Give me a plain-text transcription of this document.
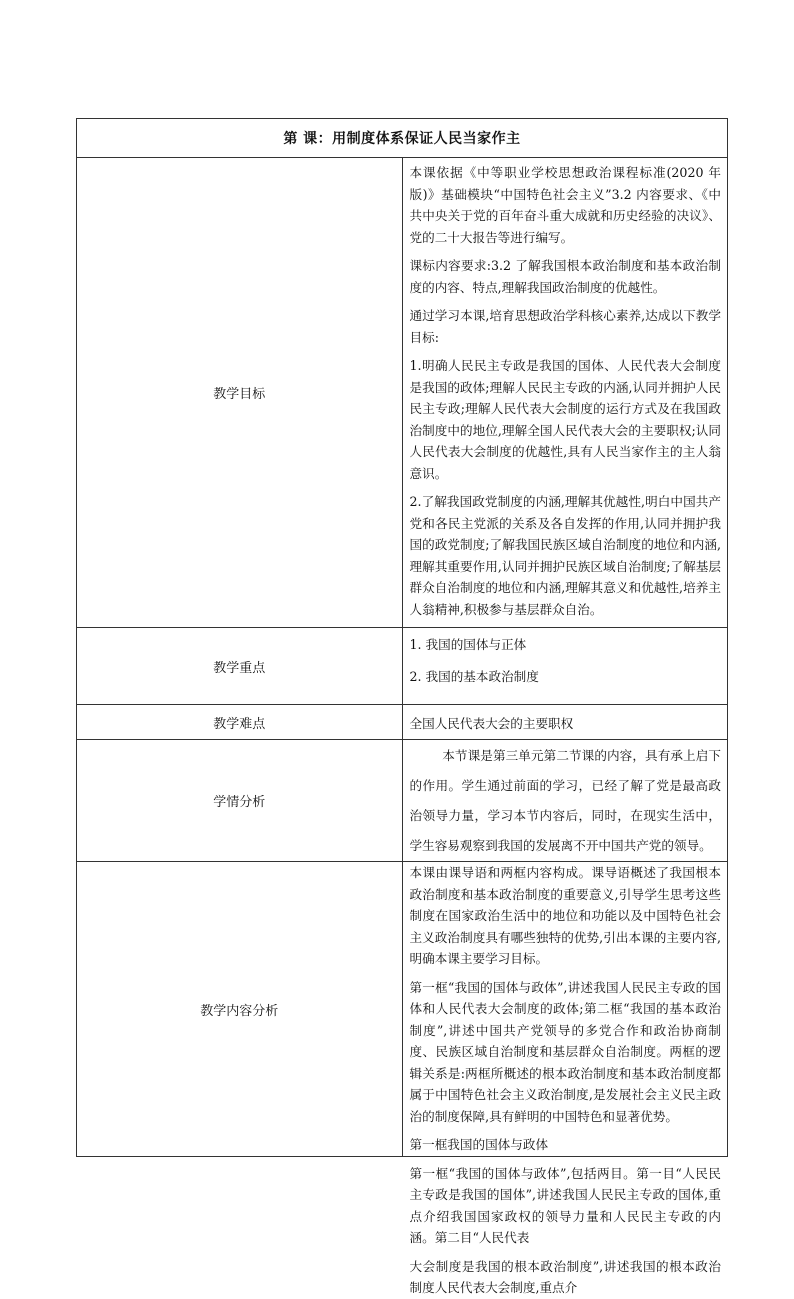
第 课：用制度体系保证人民当家作主	
教学目标	本课依据《中等职业学校思想政治课程标准(2020 年版)》基础模块“中国特色社会主义”3.2 内容要求、《中共中央关于党的百年奋斗重大成就和历史经验的决议》、党的二十大报告等进行编写。

课标内容要求:3.2 了解我国根本政治制度和基本政治制度的内容、特点,理解我国政治制度的优越性。

通过学习本课,培育思想政治学科核心素养,达成以下教学目标:

1.明确人民民主专政是我国的国体、人民代表大会制度是我国的政体;理解人民民主专政的内涵,认同并拥护人民民主专政;理解人民代表大会制度的运行方式及在我国政治制度中的地位,理解全国人民代表大会的主要职权;认同人民代表大会制度的优越性,具有人民当家作主的主人翁意识。

2.了解我国政党制度的内涵,理解其优越性,明白中国共产党和各民主党派的关系及各自发挥的作用,认同并拥护我国的政党制度;了解我国民族区域自治制度的地位和内涵,理解其重要作用,认同并拥护民族区域自治制度;了解基层群众自治制度的地位和内涵,理解其意义和优越性,培养主人翁精神,积极参与基层群众自治。

教学重点	1. 我国的国体与正体

2. 我国的基本政治制度

教学难点	全国人民代表大会的主要职权
学情分析	本节课是第三单元第二节课的内容，具有承上启下的作用。学生通过前面的学习，已经了解了党是最高政治领导力量，学习本节内容后，同时，在现实生活中，学生容易观察到我国的发展离不开中国共产党的领导。

教学内容分析	本课由课导语和两框内容构成。课导语概述了我国根本政治制度和基本政治制度的重要意义,引导学生思考这些制度在国家政治生活中的地位和功能以及中国特色社会主义政治制度具有哪些独特的优势,引出本课的主要内容,明确本课主要学习目标。

第一框“我国的国体与政体”,讲述我国人民民主专政的国体和人民代表大会制度的政体;第二框“我国的基本政治制度”,讲述中国共产党领导的多党合作和政治协商制度、民族区域自治制度和基层群众自治制度。两框的逻辑关系是:两框所概述的根本政治制度和基本政治制度都属于中国特色社会主义政治制度,是发展社会主义民主政治的制度保障,具有鲜明的中国特色和显著优势。

第一框我国的国体与政体

第一框“我国的国体与政体”,包括两目。第一目“人民民主专政是我国的国体”,讲述我国人民民主专政的国体,重点介绍我国国家政权的领导力量和人民民主专政的内涵。第二目“人民代表

大会制度是我国的根本政治制度”,讲述我国的根本政治制度人民代表大会制度,重点介
